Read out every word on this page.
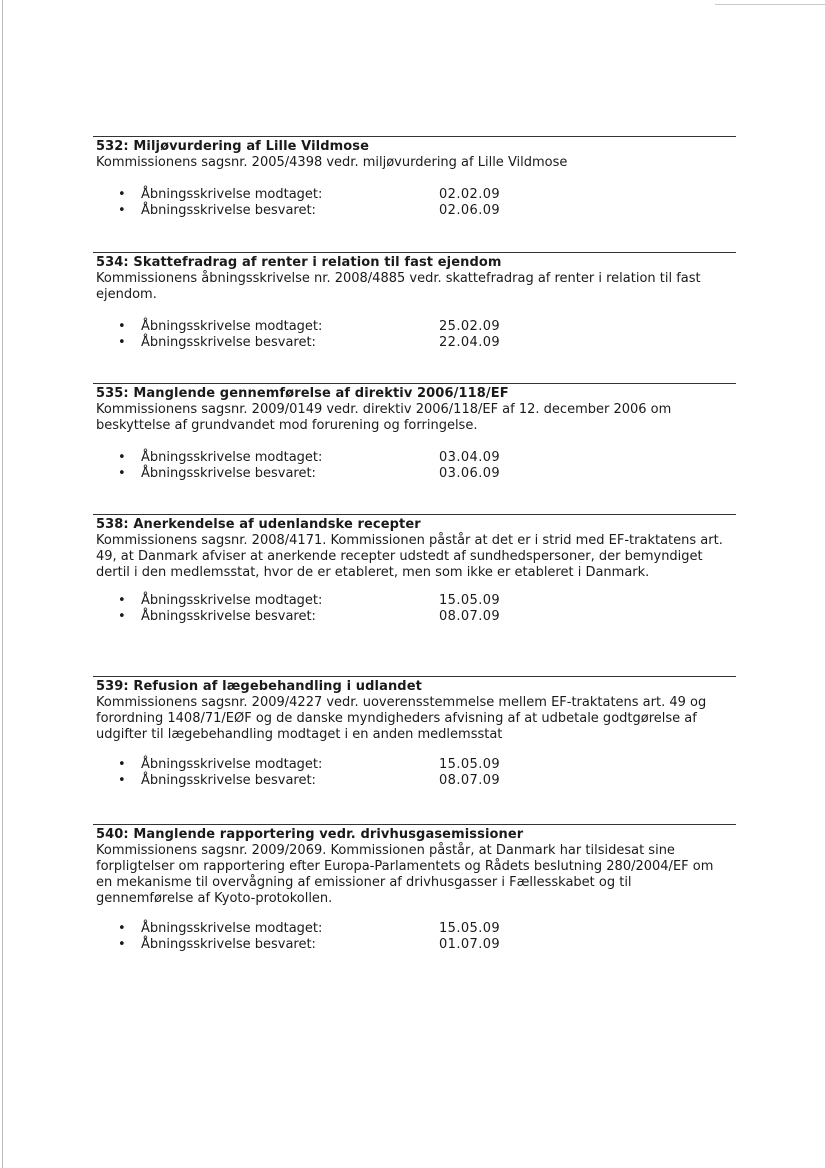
532: Miljøvurdering af Lille Vildmose
Kommissionens sagsnr. 2005/4398 vedr. miljøvurdering af Lille Vildmose
• Åbningsskrivelse modtaget:	02.02.09
• Åbningsskrivelse besvaret:	02.06.09
534: Skattefradrag af renter i relation til fast ejendom
Kommissionens åbningsskrivelse nr. 2008/4885 vedr. skattefradrag af renter i relation til fast ejendom.
• Åbningsskrivelse modtaget:	25.02.09
• Åbningsskrivelse besvaret:	22.04.09
535: Manglende gennemførelse af direktiv 2006/118/EF
Kommissionens sagsnr. 2009/0149 vedr. direktiv 2006/118/EF af 12. december 2006 om beskyttelse af grundvandet mod forurening og forringelse.
• Åbningsskrivelse modtaget:	03.04.09
• Åbningsskrivelse besvaret:	03.06.09
538: Anerkendelse af udenlandske recepter
Kommissionens sagsnr. 2008/4171. Kommissionen påstår at det er i strid med EF-traktatens art. 49, at Danmark afviser at anerkende recepter udstedt af sundhedspersoner, der bemyndiget dertil i den medlemsstat, hvor de er etableret, men som ikke er etableret i Danmark.
• Åbningsskrivelse modtaget:	15.05.09
• Åbningsskrivelse besvaret:	08.07.09
539: Refusion af lægebehandling i udlandet
Kommissionens sagsnr. 2009/4227 vedr. uoverensstemmelse mellem EF-traktatens art. 49 og forordning 1408/71/EØF og de danske myndigheders afvisning af at udbetale godtgørelse af udgifter til lægebehandling modtaget i en anden medlemsstat
• Åbningsskrivelse modtaget:	15.05.09
• Åbningsskrivelse besvaret:	08.07.09
540: Manglende rapportering vedr. drivhusgasemissioner
Kommissionens sagsnr. 2009/2069. Kommissionen påstår, at Danmark har tilsidesat sine forpligtelser om rapportering efter Europa-Parlamentets og Rådets beslutning 280/2004/EF om en mekanisme til overvågning af emissioner af drivhusgasser i Fællesskabet og til gennemførelse af Kyoto-protokollen.
• Åbningsskrivelse modtaget:	15.05.09
• Åbningsskrivelse besvaret:	01.07.09
